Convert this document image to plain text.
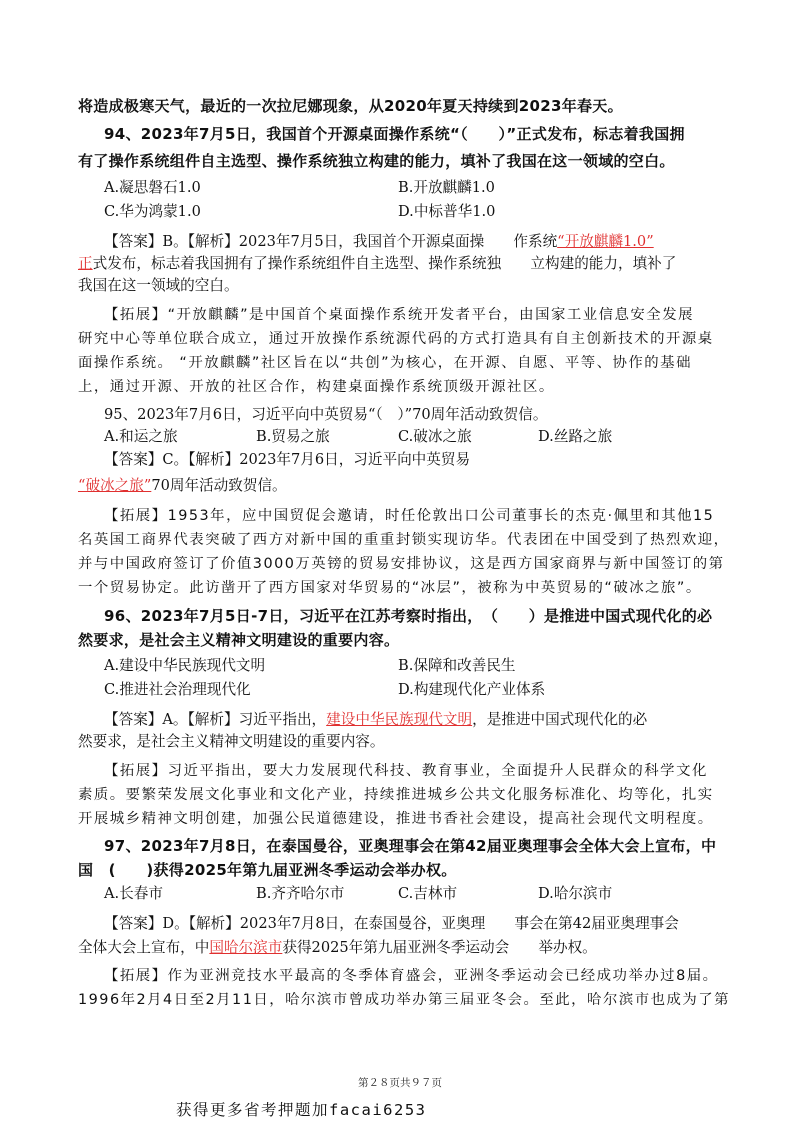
将造成极寒天气，最近的一次拉尼娜现象，从2020年夏天持续到2023年春天。
94、2023年7月5日，我国首个开源桌面操作系统“（　　）”正式发布，标志着我国拥
有了操作系统组件自主选型、操作系统独立构建的能力，填补了我国在这一领域的空白。
A.凝思磐石1.0	B.开放麒麟1.0
C.华为鸿蒙1.0	D.中标普华1.0
【答案】B。【解析】2023年7月5日，我国首个开源桌面操　　作系统“开放麒麟1.0”
正式发布，标志着我国拥有了操作系统组件自主选型、操作系统独　　立构建的能力，填补了
我国在这一领域的空白。
【拓展】“开放麒麟”是中国首个桌面操作系统开发者平台，由国家工业信息安全发展
研究中心等单位联合成立，通过开放操作系统源代码的方式打造具有自主创新技术的开源桌
面操作系统。 “开放麒麟”社区旨在以“共创”为核心，在开源、自愿、平等、协作的基础
上，通过开源、开放的社区合作，构建桌面操作系统顶级开源社区。
95、2023年7月6日，习近平向中英贸易“（　）”70周年活动致贺信。
A.和运之旅	B.贸易之旅	C.破冰之旅	D.丝路之旅
【答案】C。【解析】2023年7月6日，习近平向中英贸易
“破冰之旅”70周年活动致贺信。
【拓展】1953年，应中国贸促会邀请，时任伦敦出口公司董事长的杰克·佩里和其他15
名英国工商界代表突破了西方对新中国的重重封锁实现访华。代表团在中国受到了热烈欢迎，
并与中国政府签订了价值3000万英镑的贸易安排协议，这是西方国家商界与新中国签订的第
一个贸易协定。此访凿开了西方国家对华贸易的“冰层”，被称为中英贸易的“破冰之旅”。
96、2023年7月5日-7日，习近平在江苏考察时指出，　（　　）是推进中国式现代化的必
然要求，是社会主义精神文明建设的重要内容。
A.建设中华民族现代文明	B.保障和改善民生
C.推进社会治理现代化	D.构建现代化产业体系
【答案】A。【解析】习近平指出，建设中华民族现代文明，是推进中国式现代化的必
然要求，是社会主义精神文明建设的重要内容。
【拓展】习近平指出，要大力发展现代科技、教育事业，全面提升人民群众的科学文化
素质。要繁荣发展文化事业和文化产业，持续推进城乡公共文化服务标准化、均等化，扎实
开展城乡精神文明创建，加强公民道德建设，推进书香社会建设，提高社会现代文明程度。
97、2023年7月8日，在泰国曼谷，亚奥理事会在第42届亚奥理事会全体大会上宣布，中
国　(　　)获得2025年第九届亚洲冬季运动会举办权。
A.长春市	B.齐齐哈尔市	C.吉林市	D.哈尔滨市
【答案】D。【解析】2023年7月8日，在泰国曼谷，亚奥理　　事会在第42届亚奥理事会
全体大会上宣布，中国哈尔滨市获得2025年第九届亚洲冬季运动会　　举办权。
【拓展】作为亚洲竞技水平最高的冬季体育盛会，亚洲冬季运动会已经成功举办过8届。
1996年2月4日至2月11日，哈尔滨市曾成功举办第三届亚冬会。至此，哈尔滨市也成为了第
第２８页共９７页
获得更多省考押题加facai6253
